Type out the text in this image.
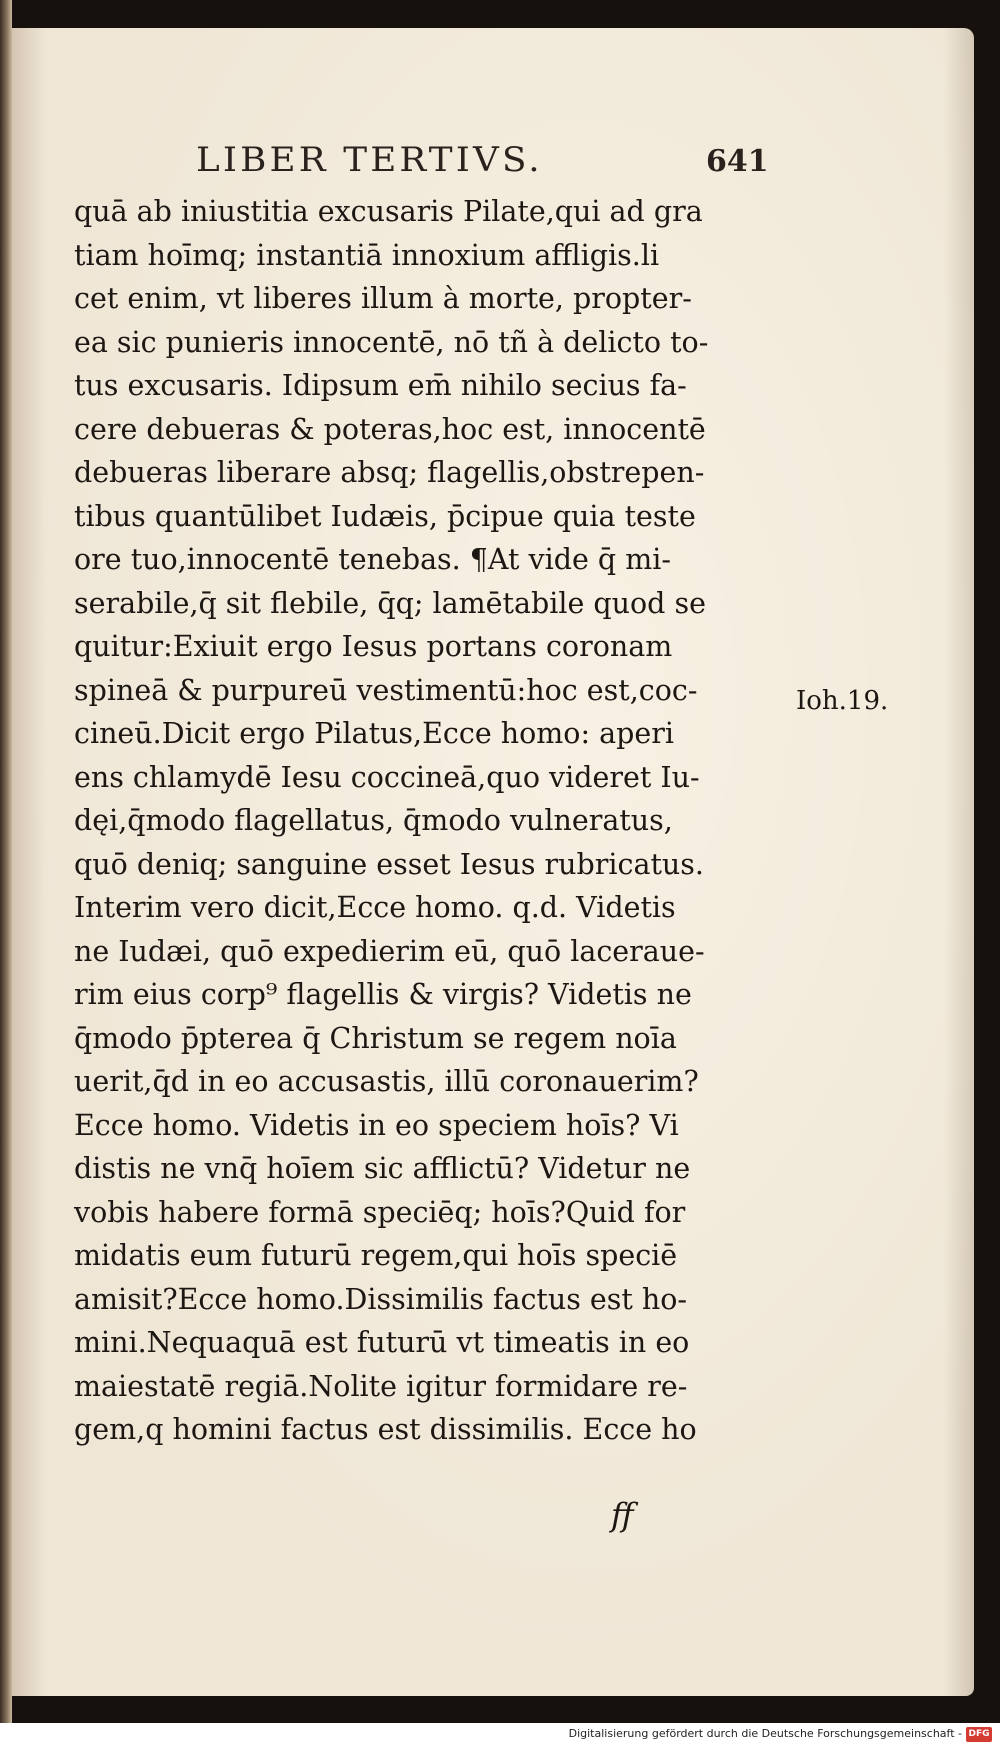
LIBER TERTIVS.	641
quā ab iniustitia excusaris Pilate,qui ad gra
tiam hoīmq; instantiā innoxium affligis.li
cet enim, vt liberes illum à morte, propter-
ea sic punieris innocentē, nō tñ à delicto to-
tus excusaris. Idipsum em̄ nihilo secius fa-
cere debueras & poteras,hoc est, innocentē
debueras liberare absq; flagellis,obstrepen-
tibus quantūlibet Iudæis, p̄cipue quia teste
ore tuo,innocentē tenebas. ¶At vide q̄ mi-
serabile,q̄ sit flebile, q̄q; lamētabile quod se
quitur:Exiuit ergo Iesus portans coronam
spineā & purpureū vestimentū:hoc est,coc-
cineū.Dicit ergo Pilatus,Ecce homo: aperi
ens chlamydē Iesu coccineā,quo videret Iu-
dęi,q̄modo flagellatus, q̄modo vulneratus,
quō deniq; sanguine esset Iesus rubricatus.
Interim vero dicit,Ecce homo. q.d. Videtis
ne Iudæi, quō expedierim eū, quō laceraue-
rim eius corp⁹ flagellis & virgis? Videtis ne
q̄modo p̄pterea q̄ Christum se regem noīa
uerit,q̄d in eo accusastis, illū coronauerim?
Ecce homo. Videtis in eo speciem hoīs? Vi
distis ne vnq̄ hoīem sic afflictū? Videtur ne
vobis habere formā speciēq; hoīs?Quid for
midatis eum futurū regem,qui hoīs speciē
amisit?Ecce homo.Dissimilis factus est ho-
mini.Nequaquā est futurū vt timeatis in eo
maiestatē regiā.Nolite igitur formidare re-
gem,q homini factus est dissimilis. Ecce ho
Ioh.19.
ff
Digitalisierung gefördert durch die Deutsche Forschungsgemeinschaft - DFG
